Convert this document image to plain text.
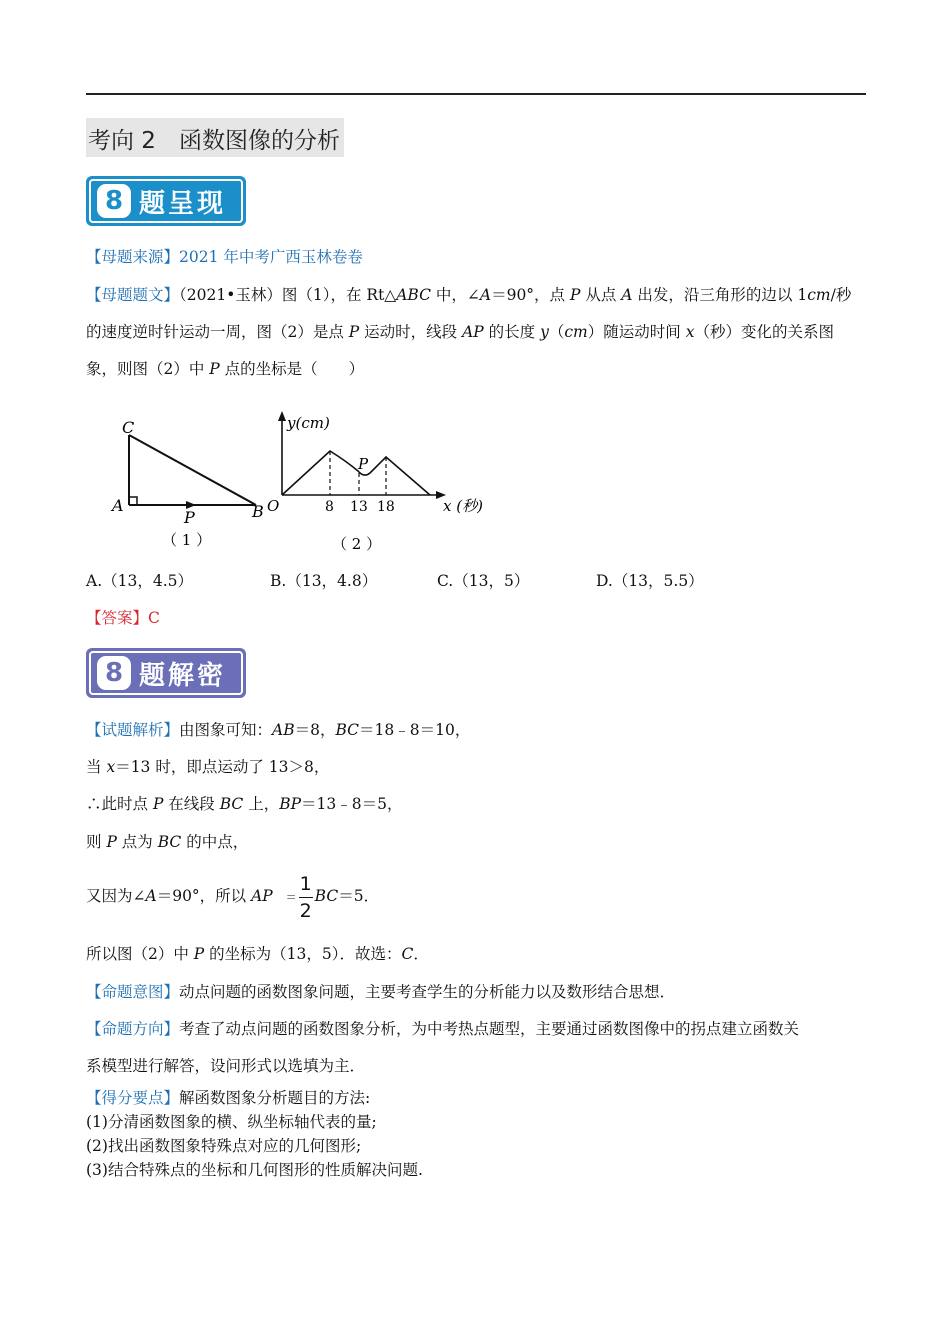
考向 2　函数图像的分析
8 题呈现
【母题来源】2021 年中考广西玉林卷卷
【母题题文】（2021•玉林）图（1），在 Rt△ABC 中，∠A＝90°，点 P 从点 A 出发，沿三角形的边以 1cm/秒
的速度逆时针运动一周，图（2）是点 P 运动时，线段 AP 的长度 y（cm）随运动时间 x（秒）变化的关系图
象，则图（2）中 P 点的坐标是（　　）
C
A	B
P
（ 1 ）
y(cm)
x (秒)
O
P
8 13 18
（ 2 ）
A.（13，4.5）	B.（13，4.8）	C.（13，5）	D.（13，5.5）
【答案】C
8 题解密
【试题解析】由图象可知：AB＝8，BC＝18﹣8＝10，
当 x＝13 时，即点运动了 13＞8，
∴此时点 P 在线段 BC 上，BP＝13﹣8＝5，
则 P 点为 BC 的中点，
又因为∠A＝90°，所以 AP ＝ $\frac{1}{2} BC=5$．
所以图（2）中 P 的坐标为（13，5）．故选：C．
【命题意图】动点问题的函数图象问题，主要考查学生的分析能力以及数形结合思想．
【命题方向】考查了动点问题的函数图象分析，为中考热点题型，主要通过函数图像中的拐点建立函数关
系模型进行解答，设问形式以选填为主．
【得分要点】解函数图象分析题目的方法:
(1)分清函数图象的横、纵坐标轴代表的量;
(2)找出函数图象特殊点对应的几何图形;
(3)结合特殊点的坐标和几何图形的性质解决问题.
